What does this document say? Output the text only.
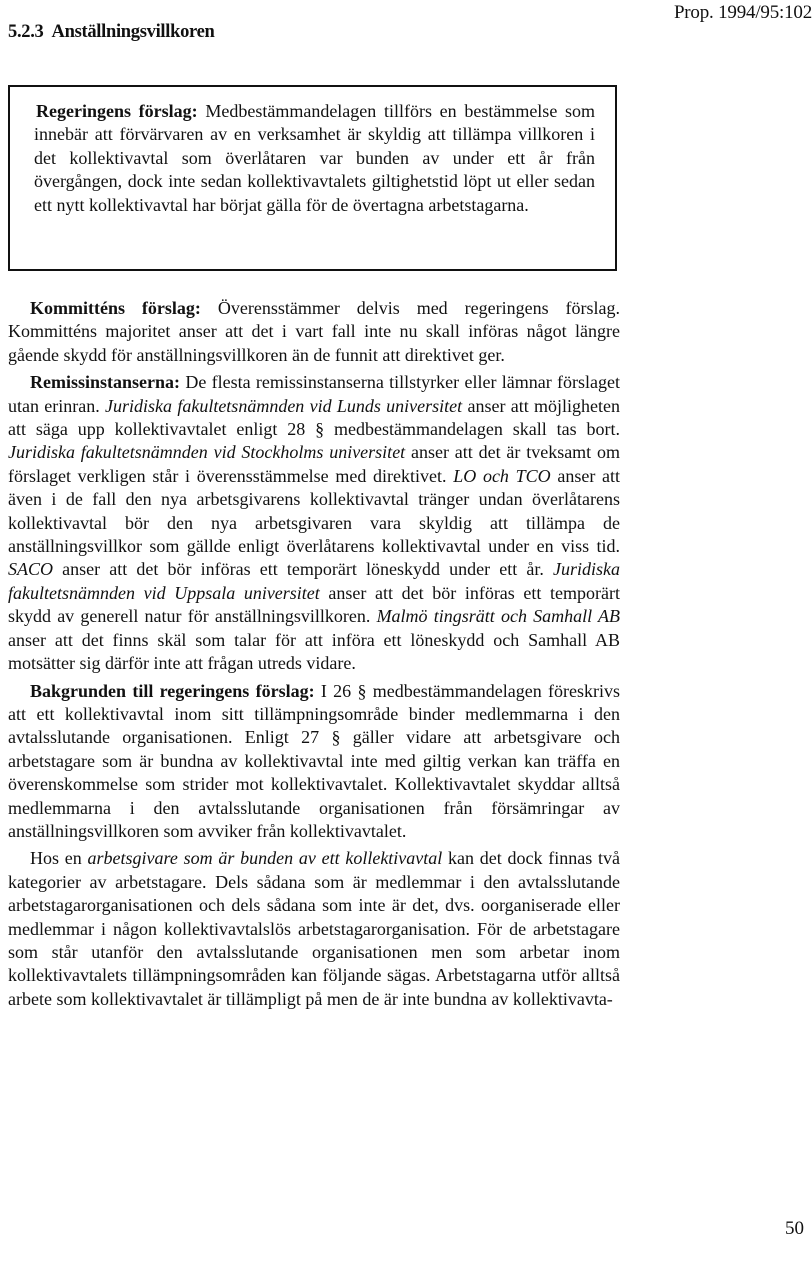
Prop. 1994/95:102
5.2.3 Anställningsvillkoren

Regeringens förslag: Medbestämmandelagen tillförs en bestämmelse som innebär att förvärvaren av en verksamhet är skyldig att tillämpa villkoren i det kollektivavtal som överlåtaren var bunden av under ett år från övergången, dock inte sedan kollektivavtalets giltighetstid löpt ut eller sedan ett nytt kollektivavtal har börjat gälla för de övertagna arbetstagarna.

Kommitténs förslag: Överensstämmer delvis med regeringens förslag. Kommitténs majoritet anser att det i vart fall inte nu skall införas något längre gående skydd för anställningsvillkoren än de funnit att direktivet ger.

Remissinstanserna: De flesta remissinstanserna tillstyrker eller lämnar förslaget utan erinran. Juridiska fakultetsnämnden vid Lunds universitet anser att möjligheten att säga upp kollektivavtalet enligt 28 § medbestämmandelagen skall tas bort. Juridiska fakultetsnämnden vid Stockholms universitet anser att det är tveksamt om förslaget verkligen står i överensstämmelse med direktivet. LO och TCO anser att även i de fall den nya arbetsgivarens kollektivavtal tränger undan överlåtarens kollektivavtal bör den nya arbetsgivaren vara skyldig att tillämpa de anställningsvillkor som gällde enligt överlåtarens kollektivavtal under en viss tid. SACO anser att det bör införas ett temporärt löneskydd under ett år. Juridiska fakultetsnämnden vid Uppsala universitet anser att det bör införas ett temporärt skydd av generell natur för anställningsvillkoren. Malmö tingsrätt och Samhall AB anser att det finns skäl som talar för att införa ett löneskydd och Samhall AB motsätter sig därför inte att frågan utreds vidare.

Bakgrunden till regeringens förslag: I 26 § medbestämmandelagen föreskrivs att ett kollektivavtal inom sitt tillämpningsområde binder medlemmarna i den avtalsslutande organisationen. Enligt 27 § gäller vidare att arbetsgivare och arbetstagare som är bundna av kollektivavtal inte med giltig verkan kan träffa en överenskommelse som strider mot kollektivavtalet. Kollektivavtalet skyddar alltså medlemmarna i den avtalsslutande organisationen från försämringar av anställningsvillkoren som avviker från kollektivavtalet.

Hos en arbetsgivare som är bunden av ett kollektivavtal kan det dock finnas två kategorier av arbetstagare. Dels sådana som är medlemmar i den avtalsslutande arbetstagarorganisationen och dels sådana som inte är det, dvs. oorganiserade eller medlemmar i någon kollektivavtalslös arbetstagarorganisation. För de arbetstagare som står utanför den avtalsslutande organisationen men som arbetar inom kollektivavtalets tillämpningsområden kan följande sägas. Arbetstagarna utför alltså arbete som kollektivavtalet är tillämpligt på men de är inte bundna av kollektivavta-

50
